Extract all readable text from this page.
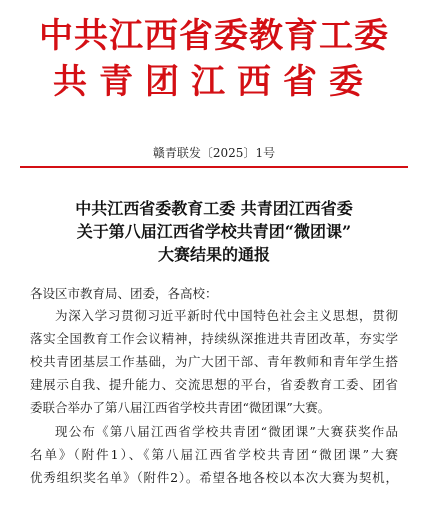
中共江西省委教育工委
共青团江西省委
赣青联发〔2025〕1号
中共江西省委教育工委 共青团江西省委
关于第八届江西省学校共青团“微团课”
大赛结果的通报
各设区市教育局、团委，各高校：
为深入学习贯彻习近平新时代中国特色社会主义思想，贯彻
落实全国教育工作会议精神，持续纵深推进共青团改革，夯实学
校共青团基层工作基础，为广大团干部、青年教师和青年学生搭
建展示自我、提升能力、交流思想的平台，省委教育工委、团省
委联合举办了第八届江西省学校共青团“微团课”大赛。
现公布《第八届江西省学校共青团“微团课”大赛获奖作品
名单》（附件1）、《第八届江西省学校共青团“微团课”大赛
优秀组织奖名单》（附件2）。希望各地各校以本次大赛为契机，
